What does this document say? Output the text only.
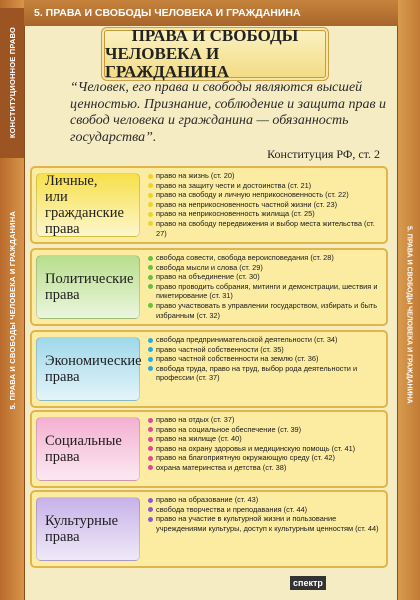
КОНСТИТУЦИОННОЕ ПРАВО
5. ПРАВА И СВОБОДЫ ЧЕЛОВЕКА И ГРАЖДАНИНА	5. ПРАВА И СВОБОДЫ ЧЕЛОВЕКА И ГРАЖДАНИНА
5. ПРАВА И СВОБОДЫ ЧЕЛОВЕКА И ГРАЖДАНИНА
ПРАВА И СВОБОДЫ
ЧЕЛОВЕКА И ГРАЖДАНИНА
“Человек, его права и свободы являются высшей ценностью. Признание, соблюдение и защита прав и свобод человека и гражданина — обязанность государства”.
Конституция РФ, ст. 2
Личные,
или гражданские
права
право на жизнь (ст. 20)
право на защиту чести и достоинства (ст. 21)
право на свободу и личную неприкосновенность (ст. 22)
право на неприкосновенность частной жизни (ст. 23)
право на неприкосновенность жилища (ст. 25)
право на свободу передвижения и выбор места жительства (ст. 27)
Политические
права
свобода совести, свобода вероисповедания (ст. 28)
свобода мысли и слова (ст. 29)
право на объединение (ст. 30)
право проводить собрания, митинги и демонстрации, шествия и пикетирование (ст. 31)
право участвовать в управлении государством, избирать и быть избранным (ст. 32)
Экономические
права
свобода предпринимательской деятельности (ст. 34)
право частной собственности (ст. 35)
право частной собственности на землю (ст. 36)
свобода труда, право на труд, выбор рода деятельности и профессии (ст. 37)
Социальные
права
право на отдых (ст. 37)
право на социальное обеспечение (ст. 39)
право на жилище (ст. 40)
право на охрану здоровья и медицинскую помощь (ст. 41)
право на благоприятную окружающую среду (ст. 42)
охрана материнства и детства (ст. 38)
Культурные
права
право на образование (ст. 43)
свобода творчества и преподавания (ст. 44)
право на участие в культурной жизни и пользование учреждениями культуры, доступ к культурным ценностям (ст. 44)
спектр
